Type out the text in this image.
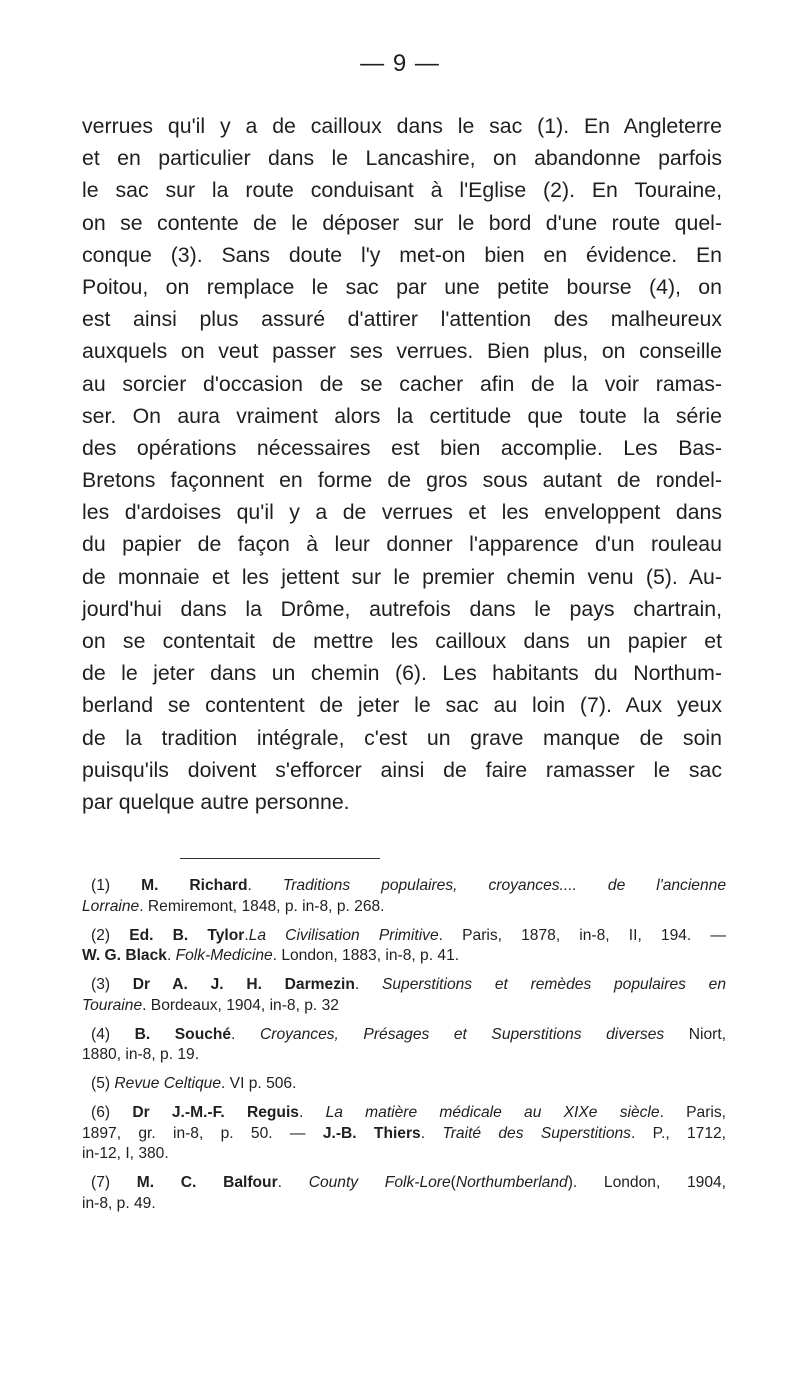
— 9 —
verrues qu'il y a de cailloux dans le sac (1). En Angleterre
et en particulier dans le Lancashire, on abandonne parfois
le sac sur la route conduisant à l'Eglise (2). En Touraine,
on se contente de le déposer sur le bord d'une route quel-
conque (3). Sans doute l'y met-on bien en évidence. En
Poitou, on remplace le sac par une petite bourse (4), on
est ainsi plus assuré d'attirer l'attention des malheureux
auxquels on veut passer ses verrues. Bien plus, on conseille
au sorcier d'occasion de se cacher afin de la voir ramas-
ser. On aura vraiment alors la certitude que toute la série
des opérations nécessaires est bien accomplie. Les Bas-
Bretons façonnent en forme de gros sous autant de rondel-
les d'ardoises qu'il y a de verrues et les enveloppent dans
du papier de façon à leur donner l'apparence d'un rouleau
de monnaie et les jettent sur le premier chemin venu (5). Au-
jourd'hui dans la Drôme, autrefois dans le pays chartrain,
on se contentait de mettre les cailloux dans un papier et
de le jeter dans un chemin (6). Les habitants du Northum-
berland se contentent de jeter le sac au loin (7). Aux yeux
de la tradition intégrale, c'est un grave manque de soin
puisqu'ils doivent s'efforcer ainsi de faire ramasser le sac
par quelque autre personne.
(1) M. Richard. Traditions populaires, croyances.... de l'ancienne
Lorraine. Remiremont, 1848, p. in-8, p. 268.
(2) Ed. B. Tylor.La Civilisation Primitive. Paris, 1878, in-8, II, 194. —
W. G. Black. Folk-Medicine. London, 1883, in-8, p. 41.
(3) Dr A. J. H. Darmezin. Superstitions et remèdes populaires en
Touraine. Bordeaux, 1904, in-8, p. 32
(4) B. Souché. Croyances, Présages et Superstitions diverses Niort,
1880, in-8, p. 19.
(5) Revue Celtique. VI p. 506.
(6) Dr J.-M.-F. Reguis. La matière médicale au XIXe siècle. Paris,
1897, gr. in-8, p. 50. — J.-B. Thiers. Traité des Superstitions. P., 1712,
in-12, I, 380.
(7) M. C. Balfour. County Folk-Lore(Northumberland). London, 1904,
in-8, p. 49.
